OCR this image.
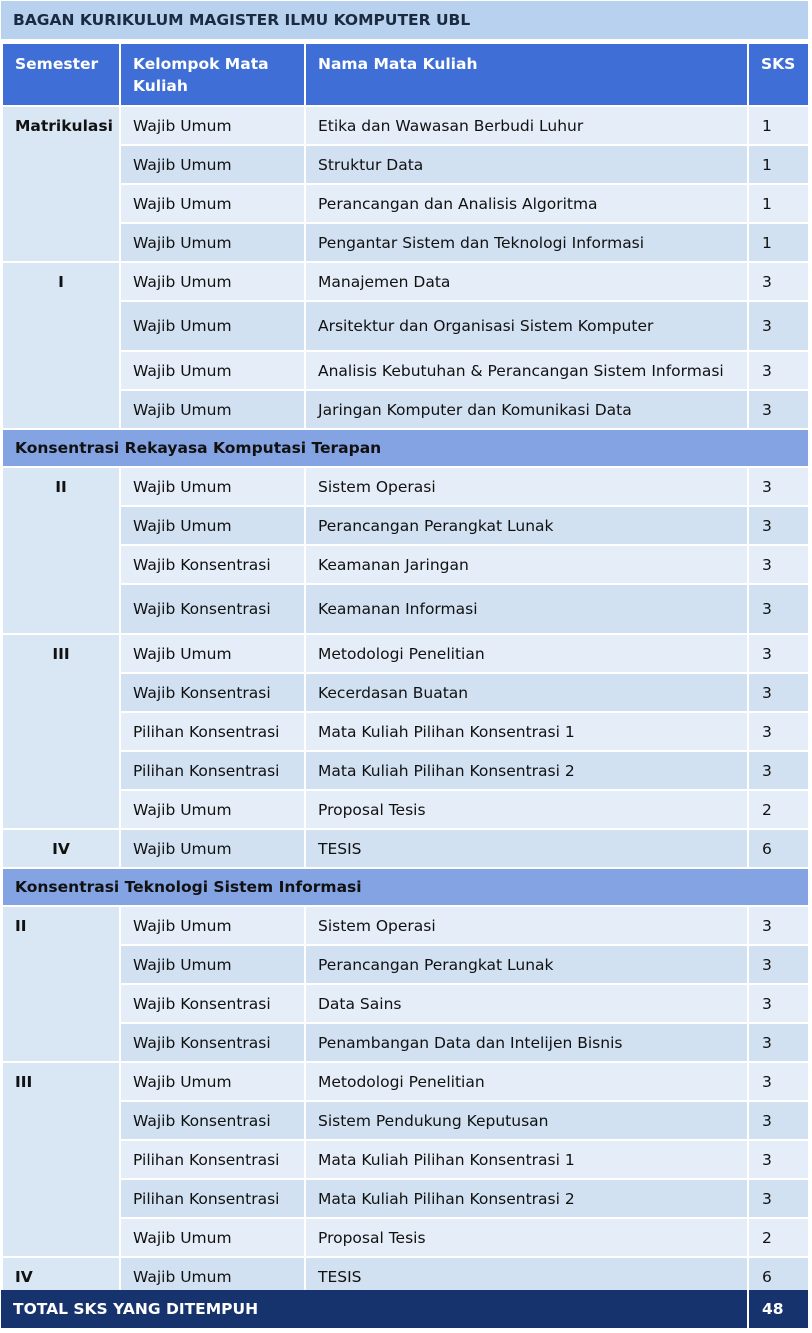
BAGAN KURIKULUM MAGISTER ILMU KOMPUTER UBL
Semester	Kelompok Mata Kuliah	Nama Mata Kuliah	SKS
Matrikulasi	Wajib Umum	Etika dan Wawasan Berbudi Luhur	1
	Wajib Umum	Struktur Data	1
	Wajib Umum	Perancangan dan Analisis Algoritma	1
	Wajib Umum	Pengantar Sistem dan Teknologi Informasi	1
I	Wajib Umum	Manajemen Data	3
	Wajib Umum	Arsitektur dan Organisasi Sistem Komputer	3
	Wajib Umum	Analisis Kebutuhan & Perancangan Sistem Informasi	3
	Wajib Umum	Jaringan Komputer dan Komunikasi Data	3
Konsentrasi Rekayasa Komputasi Terapan			
II	Wajib Umum	Sistem Operasi	3
	Wajib Umum	Perancangan Perangkat Lunak	3
	Wajib Konsentrasi	Keamanan Jaringan	3
	Wajib Konsentrasi	Keamanan Informasi	3
III	Wajib Umum	Metodologi Penelitian	3
	Wajib Konsentrasi	Kecerdasan Buatan	3
	Pilihan Konsentrasi	Mata Kuliah Pilihan Konsentrasi 1	3
	Pilihan Konsentrasi	Mata Kuliah Pilihan Konsentrasi 2	3
	Wajib Umum	Proposal Tesis	2
IV	Wajib Umum	TESIS	6
Konsentrasi Teknologi Sistem Informasi			
II	Wajib Umum	Sistem Operasi	3
	Wajib Umum	Perancangan Perangkat Lunak	3
	Wajib Konsentrasi	Data Sains	3
	Wajib Konsentrasi	Penambangan Data dan Intelijen Bisnis	3
III	Wajib Umum	Metodologi Penelitian	3
	Wajib Konsentrasi	Sistem Pendukung Keputusan	3
	Pilihan Konsentrasi	Mata Kuliah Pilihan Konsentrasi 1	3
	Pilihan Konsentrasi	Mata Kuliah Pilihan Konsentrasi 2	3
	Wajib Umum	Proposal Tesis	2
IV	Wajib Umum	TESIS	6
TOTAL SKS YANG DITEMPUH	48
